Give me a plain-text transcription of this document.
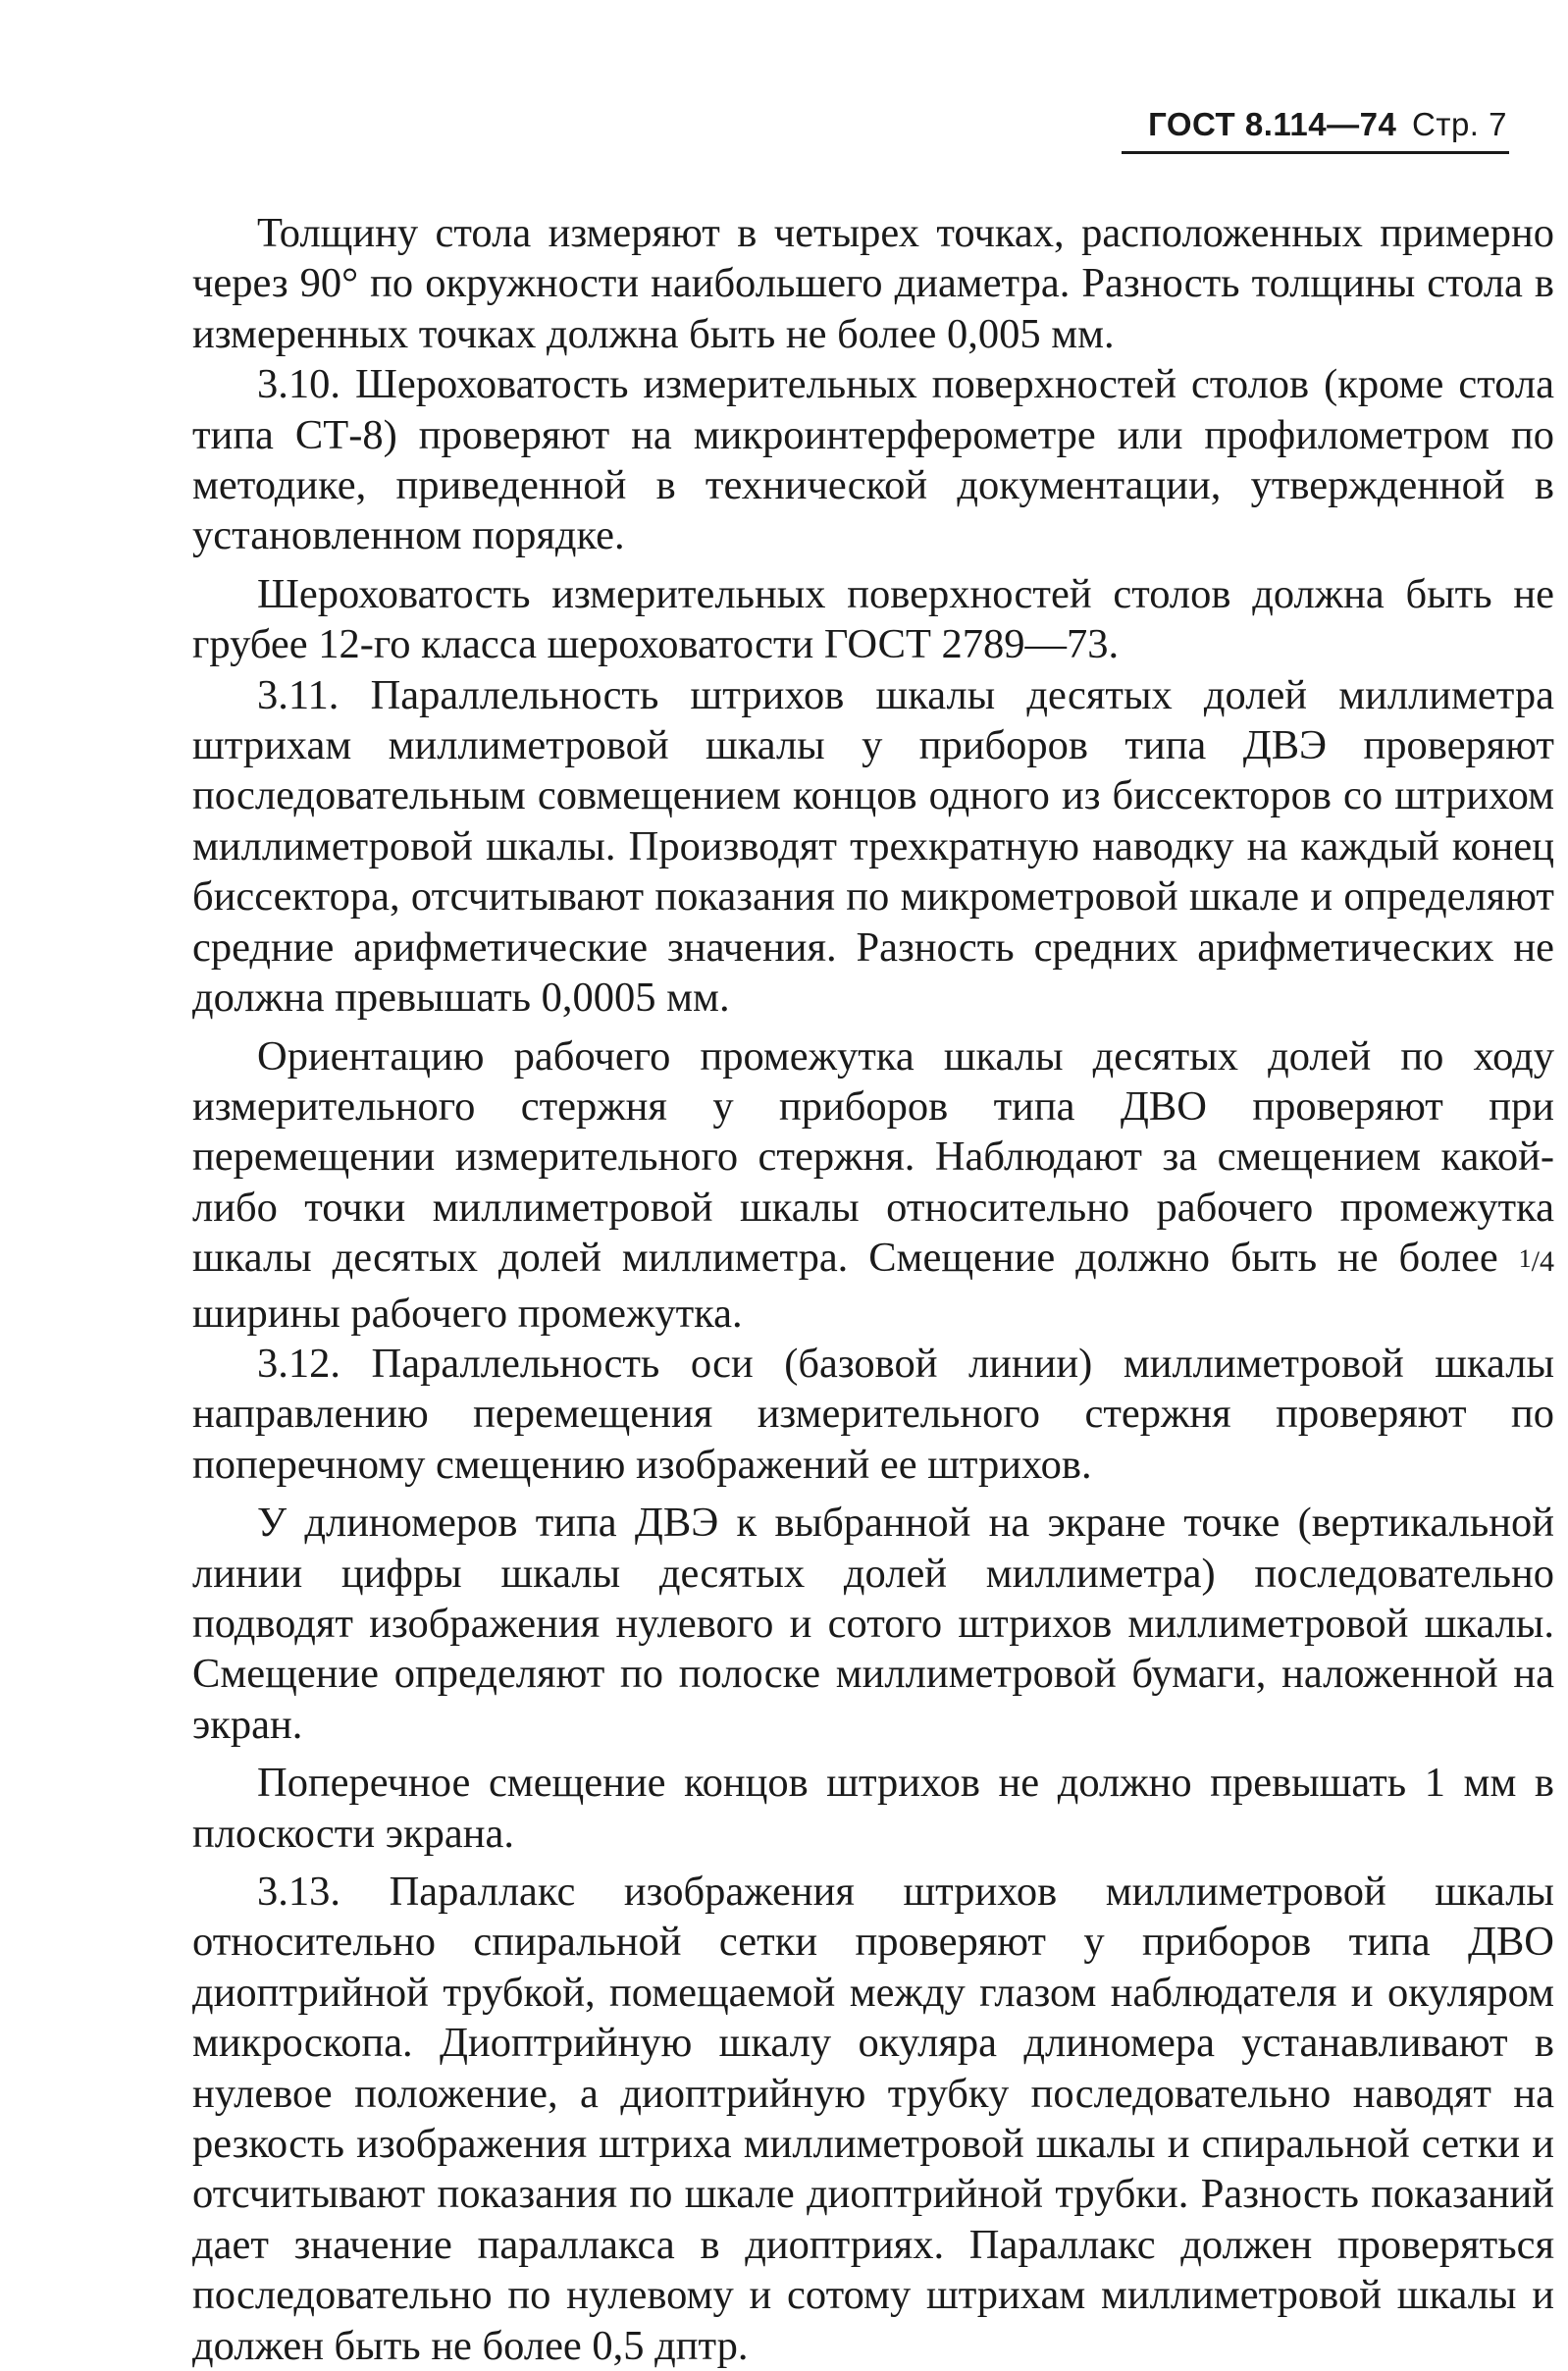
ГОСТ 8.114—74 Стр. 7

Толщину стола измеряют в четырех точках, расположенных примерно через 90° по окружности наибольшего диаметра. Разность толщины стола в измеренных точках должна быть не более 0,005 мм.

3.10. Шероховатость измерительных поверхностей столов (кроме стола типа СТ-8) проверяют на микроинтерферометре или профилометром по методике, приведенной в технической документации, утвержденной в установленном порядке.

Шероховатость измерительных поверхностей столов должна быть не грубее 12-го класса шероховатости ГОСТ 2789—73.

3.11. Параллельность штрихов шкалы десятых долей миллиметра штрихам миллиметровой шкалы у приборов типа ДВЭ проверяют последовательным совмещением концов одного из биссекторов со штрихом миллиметровой шкалы. Производят трехкратную наводку на каждый конец биссектора, отсчитывают показания по микрометровой шкале и определяют средние арифметические значения. Разность средних арифметических не должна превышать 0,0005 мм.

Ориентацию рабочего промежутка шкалы десятых долей по ходу измерительного стержня у приборов типа ДВО проверяют при перемещении измерительного стержня. Наблюдают за смещением какой-либо точки миллиметровой шкалы относительно рабочего промежутка шкалы десятых долей миллиметра. Смещение должно быть не более $^1$/4 ширины рабочего промежутка.

3.12. Параллельность оси (базовой линии) миллиметровой шкалы направлению перемещения измерительного стержня проверяют по поперечному смещению изображений ее штрихов.

У длиномеров типа ДВЭ к выбранной на экране точке (вертикальной линии цифры шкалы десятых долей миллиметра) последовательно подводят изображения нулевого и сотого штрихов миллиметровой шкалы. Смещение определяют по полоске миллиметровой бумаги, наложенной на экран.

Поперечное смещение концов штрихов не должно превышать 1 мм в плоскости экрана.

3.13. Параллакс изображения штрихов миллиметровой шкалы относительно спиральной сетки проверяют у приборов типа ДВО диоптрийной трубкой, помещаемой между глазом наблюдателя и окуляром микроскопа. Диоптрийную шкалу окуляра длиномера устанавливают в нулевое положение, а диоптрийную трубку последовательно наводят на резкость изображения штриха миллиметровой шкалы и спиральной сетки и отсчитывают показания по шкале диоптрийной трубки. Разность показаний дает значение параллакса в диоптриях. Параллакс должен проверяться последовательно по нулевому и сотому штрихам миллиметровой шкалы и должен быть не более 0,5 дптр.
